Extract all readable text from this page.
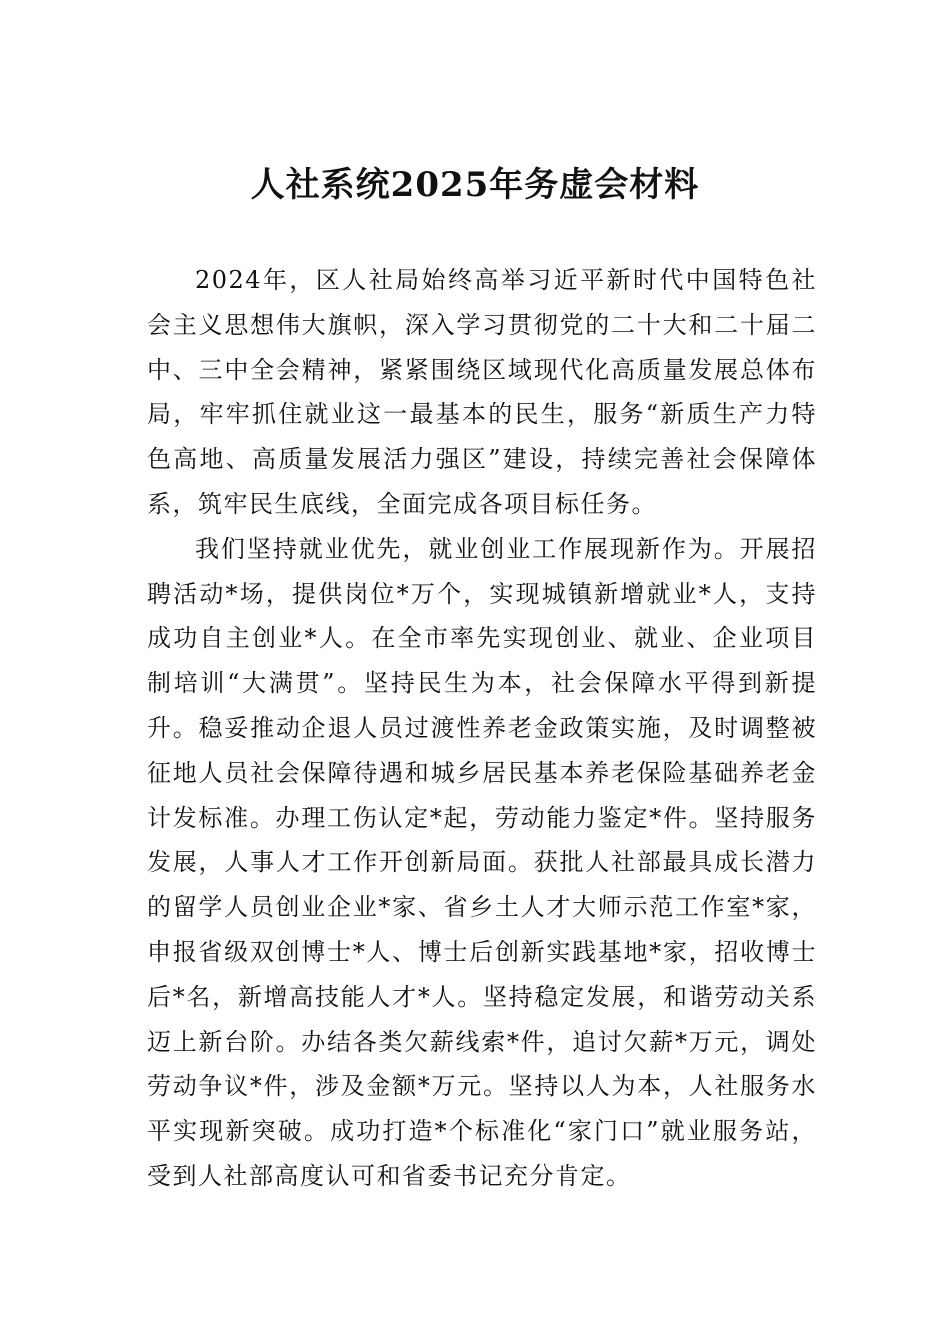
人社系统2025年务虚会材料

2024年，区人社局始终高举习近平新时代中国特色社会主义思想伟大旗帜，深入学习贯彻党的二十大和二十届二中、三中全会精神，紧紧围绕区域现代化高质量发展总体布局，牢牢抓住就业这一最基本的民生，服务“新质生产力特色高地、高质量发展活力强区”建设，持续完善社会保障体系，筑牢民生底线，全面完成各项目标任务。

我们坚持就业优先，就业创业工作展现新作为。开展招聘活动*场，提供岗位*万个，实现城镇新增就业*人，支持成功自主创业*人。在全市率先实现创业、就业、企业项目制培训“大满贯”。坚持民生为本，社会保障水平得到新提升。稳妥推动企退人员过渡性养老金政策实施，及时调整被征地人员社会保障待遇和城乡居民基本养老保险基础养老金计发标准。办理工伤认定*起，劳动能力鉴定*件。坚持服务发展，人事人才工作开创新局面。获批人社部最具成长潜力的留学人员创业企业*家、省乡土人才大师示范工作室*家，申报省级双创博士*人、博士后创新实践基地*家，招收博士后*名，新增高技能人才*人。坚持稳定发展，和谐劳动关系迈上新台阶。办结各类欠薪线索*件，追讨欠薪*万元，调处劳动争议*件，涉及金额*万元。坚持以人为本，人社服务水平实现新突破。成功打造*个标准化“家门口”就业服务站，受到人社部高度认可和省委书记充分肯定。
